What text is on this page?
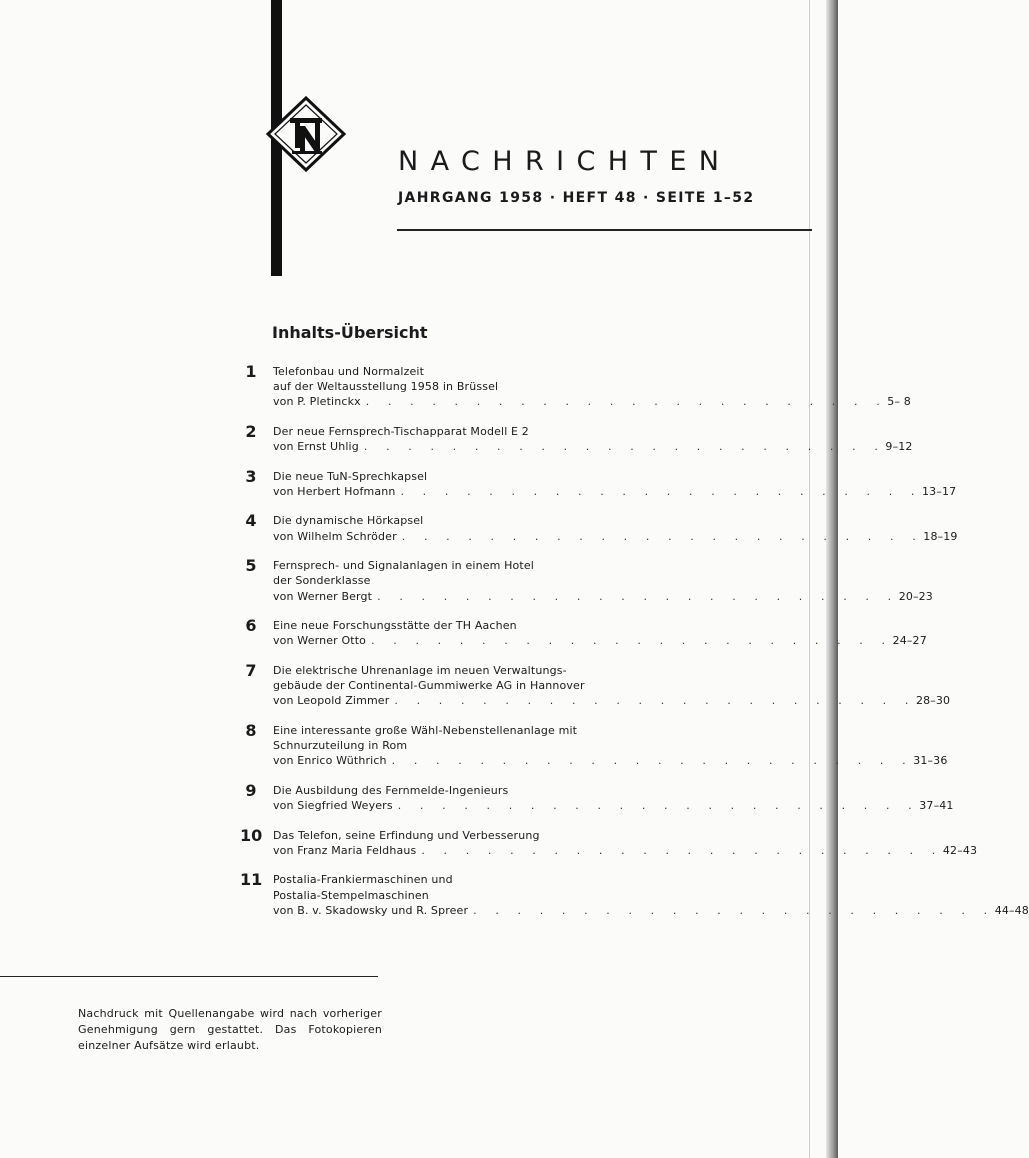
NACHRICHTEN
JAHRGANG 1958 · HEFT 48 · SEITE 1–52
Inhalts-Übersicht
1	Telefonbau und Normalzeit
auf der Weltausstellung 1958 in Brüssel
von P. Pletinckx . . . . . . . . . . . . . . . . . . . . . . . . 5– 8
2	Der neue Fernsprech-Tischapparat Modell E 2
von Ernst Uhlig . . . . . . . . . . . . . . . . . . . . . . . . 9–12
3	Die neue TuN-Sprechkapsel
von Herbert Hofmann . . . . . . . . . . . . . . . . . . . . . . . . 13–17
4	Die dynamische Hörkapsel
von Wilhelm Schröder . . . . . . . . . . . . . . . . . . . . . . . . 18–19
5	Fernsprech- und Signalanlagen in einem Hotel
der Sonderklasse
von Werner Bergt . . . . . . . . . . . . . . . . . . . . . . . . 20–23
6	Eine neue Forschungsstätte der TH Aachen
von Werner Otto . . . . . . . . . . . . . . . . . . . . . . . . 24–27
7	Die elektrische Uhrenanlage im neuen Verwaltungs-
gebäude der Continental-Gummiwerke AG in Hannover
von Leopold Zimmer . . . . . . . . . . . . . . . . . . . . . . . . 28–30
8	Eine interessante große Wähl-Nebenstellenanlage mit
Schnurzuteilung in Rom
von Enrico Wüthrich . . . . . . . . . . . . . . . . . . . . . . . . 31–36
9	Die Ausbildung des Fernmelde-Ingenieurs
von Siegfried Weyers . . . . . . . . . . . . . . . . . . . . . . . . 37–41
10 Das Telefon, seine Erfindung und Verbesserung
von Franz Maria Feldhaus . . . . . . . . . . . . . . . . . . . . . . . . 42–43
11 Postalia-Frankiermaschinen und
Postalia-Stempelmaschinen
von B. v. Skadowsky und R. Spreer . . . . . . . . . . . . . . . . . . . . . . . . 44–48
Nachdruck mit Quellenangabe wird nach vorheriger Genehmigung gern gestattet. Das Fotokopieren einzelner Aufsätze wird erlaubt.
